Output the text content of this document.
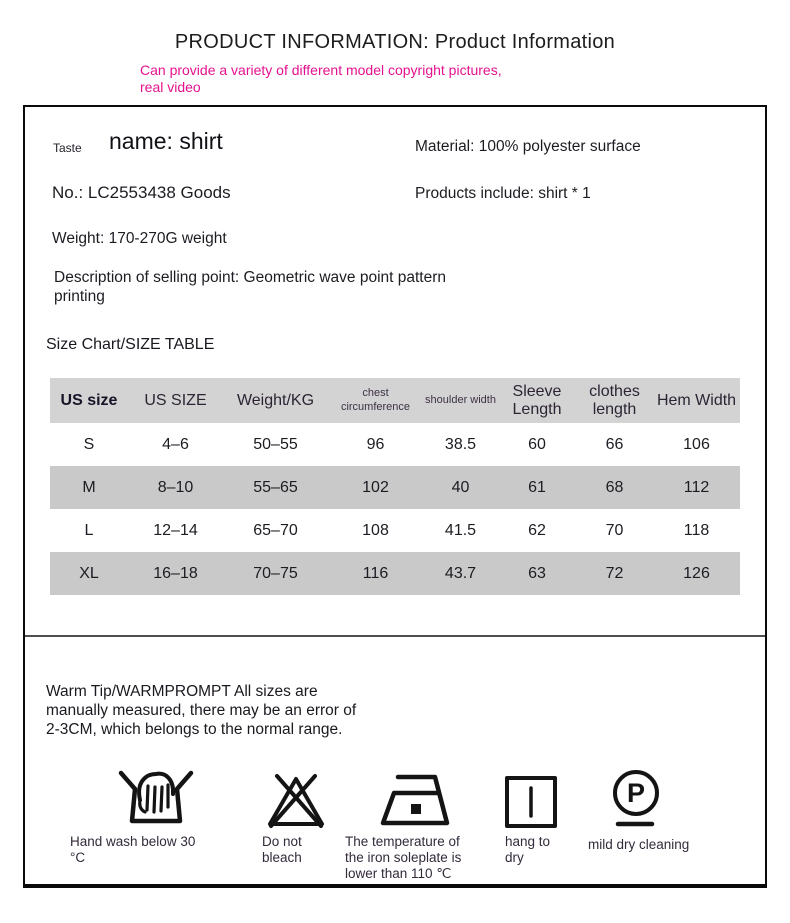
PRODUCT INFORMATION: Product Information
Can provide a variety of different model copyright pictures,
real video
Taste name: shirt	Material: 100% polyester surface
No.: LC2553438 Goods	Products include: shirt * 1
Weight: 170-270G weight
Description of selling point: Geometric wave point pattern
printing
Size Chart/SIZE TABLE
US size	US SIZE	Weight/KG	chest circumference	shoulder width	Sleeve Length	clothes length	Hem Width
S	4–6	50–55	96	38.5	60	66	106
M	8–10	55–65	102	40	61	68	112
L	12–14	65–70	108	41.5	62	70	118
XL	16–18	70–75	116	43.7	63	72	126
Warm Tip/WARMPROMPT All sizes are
manually measured, there may be an error of
2-3CM, which belongs to the normal range.
P
Hand wash below 30
°C
Do not
bleach
The temperature of
the iron soleplate is
lower than 110 ℃
hang to
dry
mild dry cleaning
